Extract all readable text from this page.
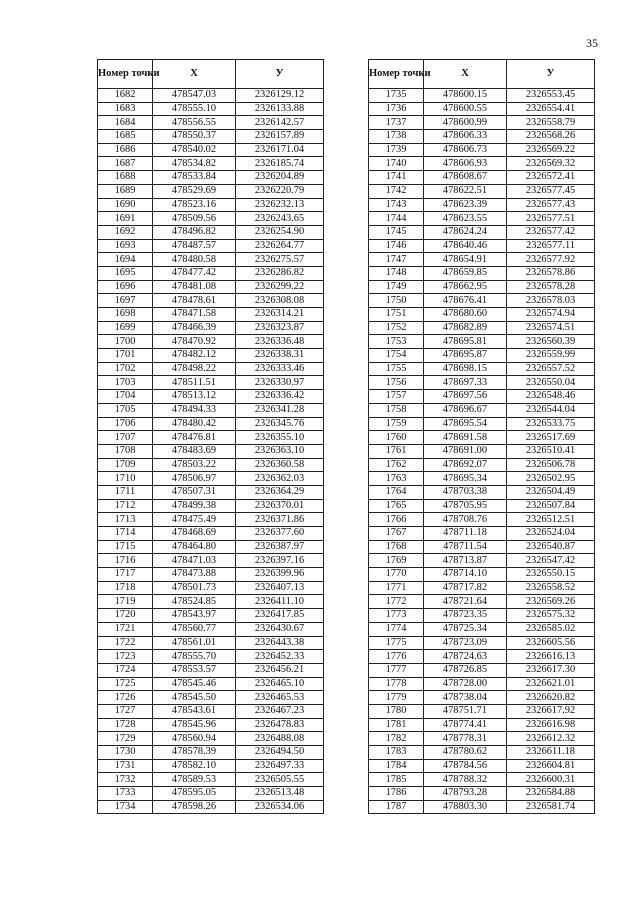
35
Номер точки	X	У
1682	478547.03	2326129.12
1683	478555.10	2326133.88
1684	478556.55	2326142.57
1685	478550.37	2326157.89
1686	478540.02	2326171.04
1687	478534.82	2326185.74
1688	478533.84	2326204.89
1689	478529.69	2326220.79
1690	478523.16	2326232.13
1691	478509.56	2326243.65
1692	478496.82	2326254.90
1693	478487.57	2326264.77
1694	478480.58	2326275.57
1695	478477.42	2326286.82
1696	478481.08	2326299.22
1697	478478.61	2326308.08
1698	478471.58	2326314.21
1699	478466.39	2326323.87
1700	478470.92	2326336.48
1701	478482.12	2326338.31
1702	478498.22	2326333.46
1703	478511.51	2326330.97
1704	478513.12	2326336.42
1705	478494.33	2326341.28
1706	478480.42	2326345.76
1707	478476.81	2326355.10
1708	478483.69	2326363.10
1709	478503.22	2326360.58
1710	478506.97	2326362.03
1711	478507.31	2326364.29
1712	478499.38	2326370.01
1713	478475.49	2326371.86
1714	478468.69	2326377.60
1715	478464.80	2326387.97
1716	478471.03	2326397.16
1717	478473.88	2326399.96
1718	478501.73	2326407.13
1719	478524.85	2326411.10
1720	478543.97	2326417.85
1721	478560.77	2326430.67
1722	478561.01	2326443.38
1723	478555.70	2326452.33
1724	478553.57	2326456.21
1725	478545.46	2326465.10
1726	478545.50	2326465.53
1727	478543.61	2326467.23
1728	478545.96	2326478.83
1729	478560.94	2326488.08
1730	478578.39	2326494.50
1731	478582.10	2326497.33
1732	478589.53	2326505.55
1733	478595.05	2326513.48
1734	478598.26	2326534.06
Номер точки	X	У
1735	478600.15	2326553.45
1736	478600.55	2326554.41
1737	478600.99	2326558.79
1738	478606.33	2326568.26
1739	478606.73	2326569.22
1740	478606.93	2326569.32
1741	478608.67	2326572.41
1742	478622.51	2326577.45
1743	478623.39	2326577.43
1744	478623.55	2326577.51
1745	478624.24	2326577.42
1746	478640.46	2326577.11
1747	478654.91	2326577.92
1748	478659.85	2326578.86
1749	478662.95	2326578.28
1750	478676.41	2326578.03
1751	478680.60	2326574.94
1752	478682.89	2326574.51
1753	478695.81	2326560.39
1754	478695.87	2326559.99
1755	478698.15	2326557.52
1756	478697.33	2326550.04
1757	478697.56	2326548.46
1758	478696.67	2326544.04
1759	478695.54	2326533.75
1760	478691.58	2326517.69
1761	478691.00	2326510.41
1762	478692.07	2326506.78
1763	478695.34	2326502.95
1764	478703.38	2326504.49
1765	478705.95	2326507.84
1766	478708.76	2326512.51
1767	478711.18	2326524.04
1768	478711.54	2326540.87
1769	478713.87	2326547.42
1770	478714.10	2326550.15
1771	478717.82	2326558.52
1772	478721.64	2326569.26
1773	478723.35	2326575.32
1774	478725.34	2326585.02
1775	478723.09	2326605.56
1776	478724.63	2326616.13
1777	478726.85	2326617.30
1778	478728.00	2326621.01
1779	478738.04	2326620.82
1780	478751.71	2326617.92
1781	478774.41	2326616.98
1782	478778.31	2326612.32
1783	478780.62	2326611.18
1784	478784.56	2326604.81
1785	478788.32	2326600.31
1786	478793.28	2326584.88
1787	478803.30	2326581.74
